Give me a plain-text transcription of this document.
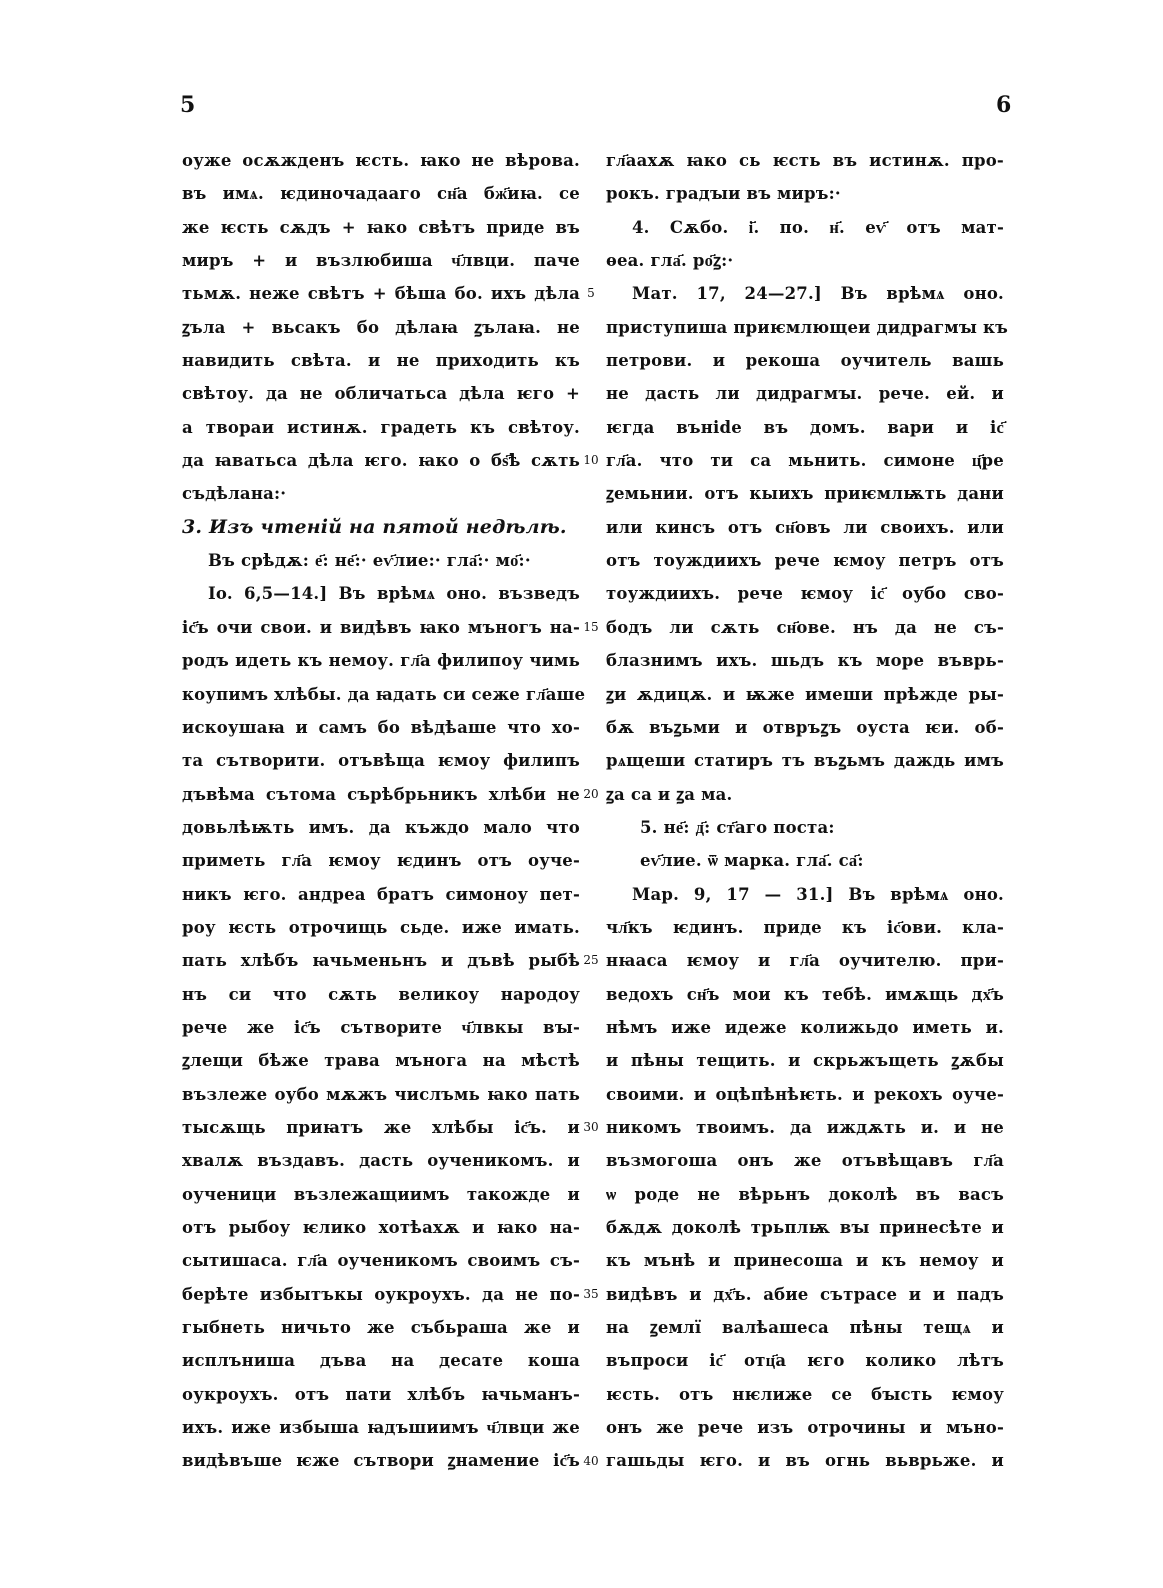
5	6
оуже осѫжденъ ѥсть. ꙗко не вѣрова.
въ имѧ. ѥдиночадааго сн҃а бж҃иꙗ. се
же ѥсть сѫдъ + ꙗко свѣтъ приде въ
миръ + и възлюбиша ч҃лвци. паче
тьмѫ. неже свѣтъ + бѣша бо. ихъ дѣла
ꙁъла + вьсакъ бо дѣлаꙗ ꙁълаꙗ. не
навидить свѣта. и не приходить къ
свѣтоу. да не обличатьса дѣла ѥго +
а твораи истинѫ. градеть къ свѣтоу.
да ꙗватьса дѣла ѥго. ꙗко о бѕ҃ѣ сѫть
съдѣлана:·
3. Изъ чтеній на пятой недѣлѣ.
Въ срѣдѫ: е҃: не҃:· еѵ҃лие:· гла҃:· мо҃:·
Io. 6,5—14.] Въ врѣмѧ оно. възведъ
іс҃ъ очи свои. и видѣвъ ꙗко мъногъ на-
родъ идеть къ немоу. гл҃а филипоу чимь
коупимъ хлѣбы. да ꙗдать си сеже гл҃аше
искоушаꙗ и самъ бо вѣдѣаше что хо-
та сътворити. отъвѣща ѥмоу филипъ
дъвѣма сътома сърѣбрьникъ хлѣби не
довьлѣѭть имъ. да къждо мало что
приметь гл҃а ѥмоу ѥдинъ отъ оуче-
никъ ѥго. андреа братъ симоноу пет-
роу ѥсть отрочищь сьде. иже имать.
пать хлѣбъ ꙗчьменьнъ и дъвѣ рыбѣ
нъ си что сѫть великоу народоу
рече же іс҃ъ сътворите ч҃лвкы вꙑ-
ꙁлещи бѣже трава мънога на мѣстѣ
възлеже оубо мѫжъ числъмь ꙗко пать
тысѫщь приꙗтъ же хлѣбы іс҃ъ. и
хвалѫ въздавъ. дасть оученикомъ. и
оученици възлежащиимъ такожде и
отъ рыбоу ѥлико хотѣахѫ и ꙗко на-
сытишаса. гл҃а оученикомъ своимъ съ-
берѣте избытъкы оукроухъ. да не по-
гыбнеть ничьто же събьраша же и
исплъниша дъва на десате коша
оукроухъ. отъ пати хлѣбъ ꙗчьманъ-
ихъ. иже избыша ꙗдъшиимъ ч҃лвци же
видѣвъше ѥже сътвори ꙁнамение іс҃ъ
5
10
15
20
25
30
35
40
гл҃аахѫ ꙗко сь ѥсть въ истинѫ. про-
рокъ. градꙑи въ миръ:·
4. Сѫбо. і҃. по. н҃. еѵ҃ отъ мат-
ѳеа. гла҃. ро҃ꙁ:·
Мат. 17, 24—27.] Въ врѣмѧ оно.
приступиша приѥмлющеи дидрагмꙑ къ
петрови. и рекоша оучитель вашь
не дасть ли дидрагмꙑ. рече. ей. и
ѥгда вънide въ домъ. вари и іс҃
гл҃а. что ти са мьнить. симоне ц҃ре
ꙁемьнии. отъ кыихъ приѥмлѭть дани
или кинсъ отъ сн҃овъ ли своихъ. или
отъ тоуждиихъ рече ѥмоу петръ отъ
тоуждиихъ. рече ѥмоу іс҃ оубо сво-
бодъ ли сѫть сн҃ове. нъ да не съ-
блазнимъ ихъ. шьдъ къ море въврь-
ꙁи ѫдицѫ. и ѭже имеши прѣжде ры-
бѫ въꙁьми и отвръꙁъ оуста ѥи. об-
рѧщеши статиръ тъ въꙁьмъ даждь имъ
ꙁа са и ꙁа ма.
5. не҃: д҃: ст҃аго поста:
еѵ҃лие. ѿ марка. гла҃. са҃:
Мар. 9, 17 — 31.] Въ врѣмѧ оно.
чл҃къ ѥдинъ. приде къ іс҃ови. кла-
нꙗаса ѥмоу и гл҃а оучителю. при-
ведохъ сн҃ъ мои къ тебѣ. имѫщь дх҃ъ
нѣмъ иже идеже колижьдо иметь и.
и пѣны тещить. и скрьжъщеть ꙁѫбы
своими. и оцѣпѣнѣѥть. и рекохъ оуче-
никомъ твоимъ. да иждѫть и. и не
възмогоша онъ же отъвѣщавъ гл҃а
ѡ роде не вѣрьнъ доколѣ въ васъ
бѫдѫ доколѣ трьплѭ вꙑ принесѣте и
къ мънѣ и принесоша и къ немоу и
видѣвъ и дх҃ъ. абие сътрасе и и падъ
на ꙁемлї валѣашеса пѣны тещѧ и
въпроси іс҃ отц҃а ѥго колико лѣтъ
ѥсть. отъ нѥлиже се бꙑсть ѥмоу
онъ же рече изъ отрочины и мъно-
гашьды ѥго. и въ огнь вьврьже. и
